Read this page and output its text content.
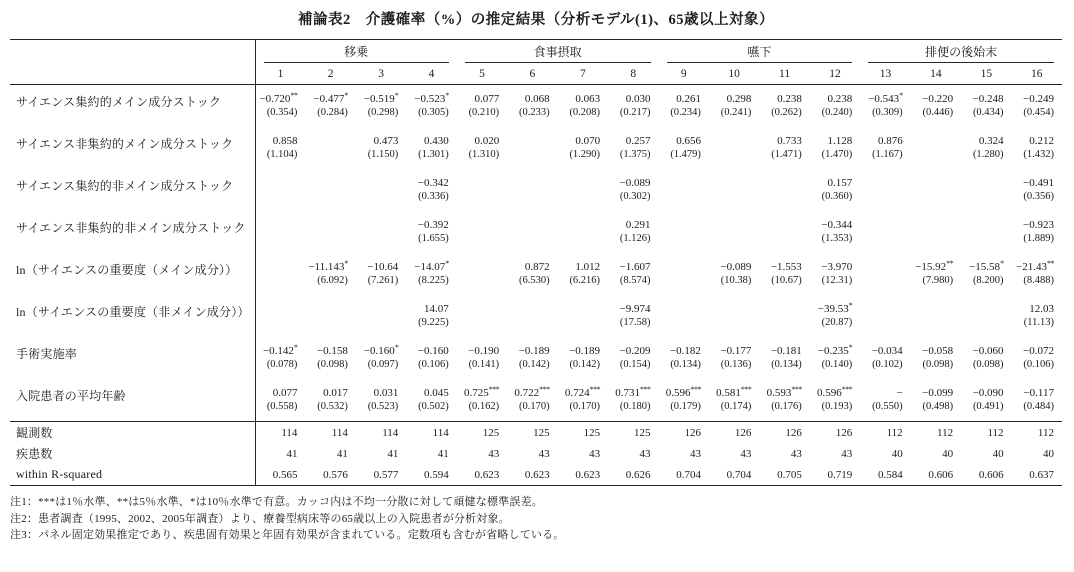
補論表2　介護確率（%）の推定結果（分析モデル(1)、65歳以上対象）

	移乗				食事摂取				嚥下				排便の後始末			

	1	2	3	4	5	6	7	8	9	10	11	12	13	14	15	16
サイエンス集約的メイン成分ストック	−0.720**	−0.477*	−0.519*	−0.523*	0.077	0.068	0.063	0.030	0.261	0.298	0.238	0.238	−0.543*	−0.220	−0.248	−0.249
	(0.354)	(0.284)	(0.298)	(0.305)	(0.210)	(0.233)	(0.208)	(0.217)	(0.234)	(0.241)	(0.262)	(0.240)	(0.309)	(0.446)	(0.434)	(0.454)
サイエンス非集約的メイン成分ストック	0.858		0.473	0.430	0.020		0.070	0.257	0.656		0.733	1.128	0.876		0.324	0.212
	(1.104)		(1.150)	(1.301)	(1.310)		(1.290)	(1.375)	(1.479)		(1.471)	(1.470)	(1.167)		(1.280)	(1.432)
サイエンス集約的非メイン成分ストック				−0.342				−0.089				0.157				−0.491
				(0.336)				(0.302)				(0.360)				(0.356)
サイエンス非集約的非メイン成分ストック				−0.392				0.291				−0.344				−0.923
				(1.655)				(1.126)				(1.353)				(1.889)
ln（サイエンスの重要度（メイン成分））		−11.143*	−10.64	−14.07*		0.872	1.012	−1.607		−0.089	−1.553	−3.970		−15.92**	−15.58*	−21.43**
		(6.092)	(7.261)	(8.225)		(6.530)	(6.216)	(8.574)		(10.38)	(10.67)	(12.31)		(7.980)	(8.200)	(8.488)
ln（サイエンスの重要度（非メイン成分））				14.07				−9.974				−39.53*				12.03
				(9.225)				(17.58)				(20.87)				(11.13)
手術実施率	−0.142*	−0.158	−0.160*	−0.160	−0.190	−0.189	−0.189	−0.209	−0.182	−0.177	−0.181	−0.235*	−0.034	−0.058	−0.060	−0.072
	(0.078)	(0.098)	(0.097)	(0.106)	(0.141)	(0.142)	(0.142)	(0.154)	(0.134)	(0.136)	(0.134)	(0.140)	(0.102)	(0.098)	(0.098)	(0.106)
入院患者の平均年齢	0.077	0.017	0.031	0.045	0.725***	0.722***	0.724***	0.731***	0.596***	0.581***	0.593***	0.596***	−	−0.099	−0.090	−0.117
	(0.558)	(0.532)	(0.523)	(0.502)	(0.162)	(0.170)	(0.170)	(0.180)	(0.179)	(0.174)	(0.176)	(0.193)	(0.550)	(0.498)	(0.491)	(0.484)
観測数	114	114	114	114	125	125	125	125	126	126	126	126	112	112	112	112
疾患数	41	41	41	41	43	43	43	43	43	43	43	43	40	40	40	40
within R-squared	0.565	0.576	0.577	0.594	0.623	0.623	0.623	0.626	0.704	0.704	0.705	0.719	0.584	0.606	0.606	0.637
注1：***は1％水準、**は5％水準、*は10％水準で有意。カッコ内は不均一分散に対して頑健な標準誤差。
注2：患者調査（1995、2002、2005年調査）より、療養型病床等の65歳以上の入院患者が分析対象。
注3：パネル固定効果推定であり、疾患固有効果と年固有効果が含まれている。定数項も含むが省略している。
